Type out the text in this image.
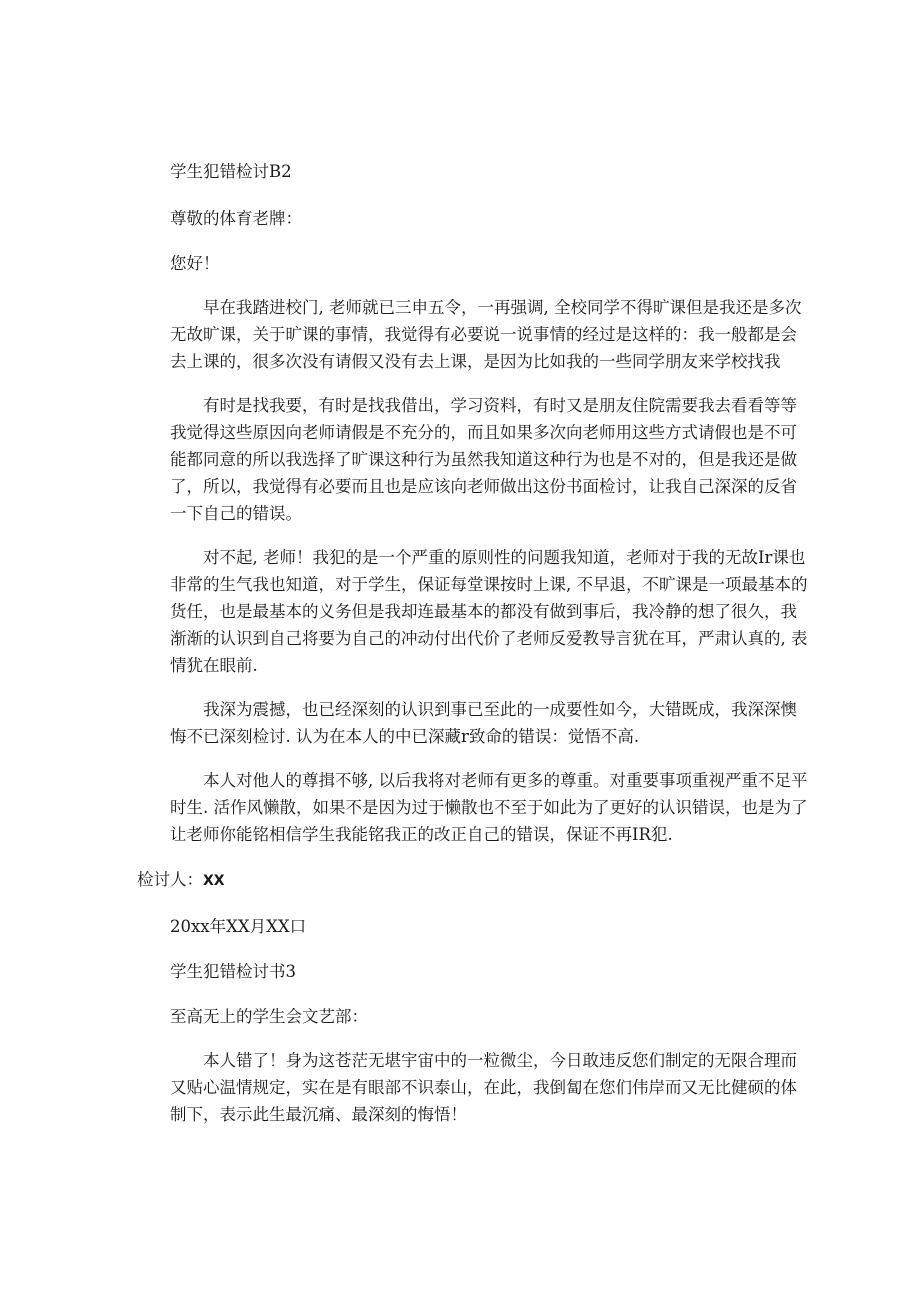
学生犯错检讨B2

尊敬的体育老牌：

您好！

早在我踏进校门, 老师就已三申五令，一再强调, 全校同学不得旷课但是我还是多次
无故旷课，关于旷课的事情，我觉得有必要说一说事情的经过是这样的：我一般都是会
去上课的，很多次没有请假又没有去上课，是因为比如我的一些同学朋友来学校找我
有时是找我要，有时是找我借出，学习资料，有时又是朋友住院需要我去看看等等
我觉得这些原因向老师请假是不充分的，而且如果多次向老师用这些方式请假也是不可
能都同意的所以我选择了旷课这种行为虽然我知道这种行为也是不对的，但是我还是做
了，所以，我觉得有必要而且也是应该向老师做出这份书面检讨，让我自己深深的反省
一下自己的错误。
对不起, 老师！我犯的是一个严重的原则性的问题我知道，老师对于我的无故Ir课也
非常的生气我也知道，对于学生，保证每堂课按时上课, 不早退，不旷课是一项最基本的
货任，也是最基本的义务但是我却连最基本的都没有做到事后，我冷静的想了很久，我
渐渐的认识到自己将要为自己的冲动付出代价了老师反爱教导言犹在耳，严肃认真的, 表
情犹在眼前.
我深为震撼，也已经深刻的认识到事已至此的一成要性如今，大错既成，我深深懊
悔不已深刻检讨. 认为在本人的中已深藏r致命的错误：觉悟不高.
本人对他人的尊揖不够, 以后我将对老师有更多的尊重。对重要事项重视严重不足平
时生. 活作风懒散，如果不是因为过于懒散也不至于如此为了更好的认识错误，也是为了
让老师你能铭相信学生我能铭我正的改正自己的错误，保证不再IR犯.

检讨人：XX

20xx年XX月XX口

学生犯错检讨书3

至高无上的学生会文艺部：

本人错了！身为这苍茫无堪宇宙中的一粒微尘，今日敢违反您们制定的无限合理而
又贴心温情规定，实在是有眼部不识泰山，在此，我倒匐在您们伟岸而又无比健硕的体
制下，表示此生最沉痛、最深刻的悔悟！
